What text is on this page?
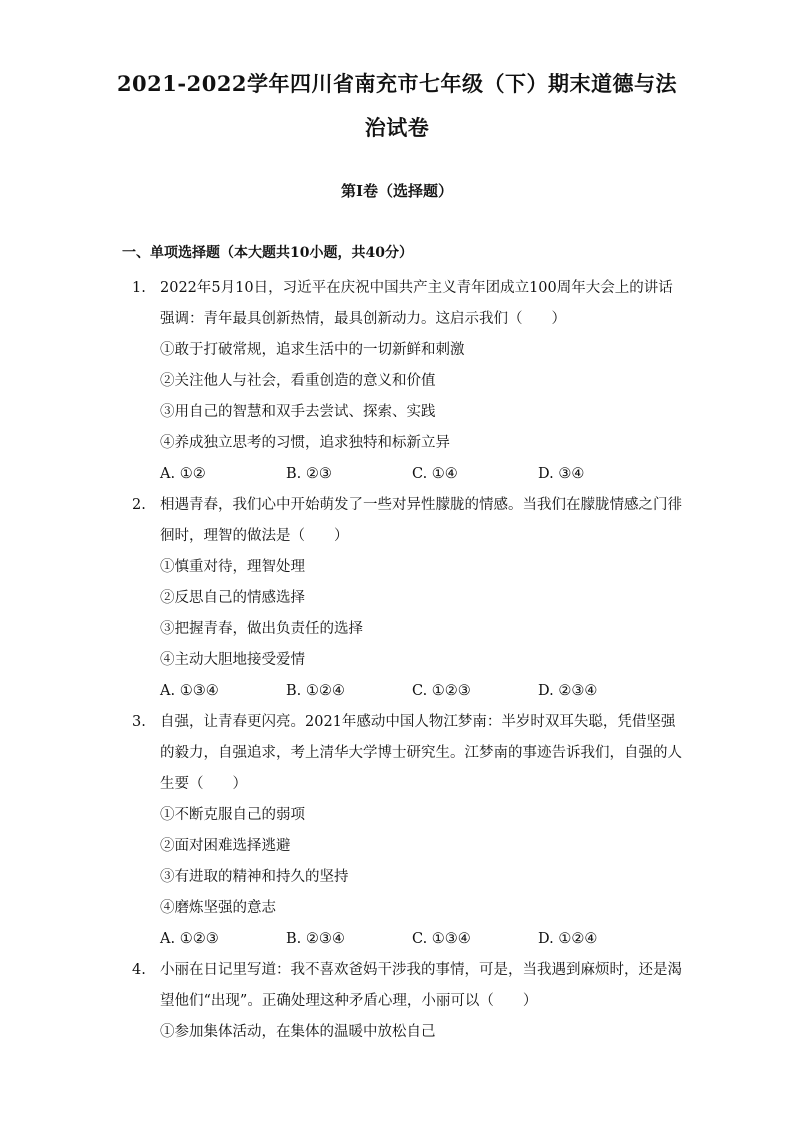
2021-2022学年四川省南充市七年级（下）期末道德与法
治试卷
第Ⅰ卷（选择题）
一、单项选择题（本大题共10小题，共40分）
1. 2022年5月10日，习近平在庆祝中国共产主义青年团成立100周年大会上的讲话
强调：青年最具创新热情，最具创新动力。这启示我们（　　）
①敢于打破常规，追求生活中的一切新鲜和刺激
②关注他人与社会，看重创造的意义和价值
③用自己的智慧和双手去尝试、探索、实践
④养成独立思考的习惯，追求独特和标新立异
A. ①②	B. ②③	C. ①④	D. ③④
2. 相遇青春，我们心中开始萌发了一些对异性朦胧的情感。当我们在朦胧情感之门徘
徊时，理智的做法是（　　）
①慎重对待，理智处理
②反思自己的情感选择
③把握青春，做出负责任的选择
④主动大胆地接受爱情
A. ①③④	B. ①②④	C. ①②③	D. ②③④
3. 自强，让青春更闪亮。2021年感动中国人物江梦南：半岁时双耳失聪，凭借坚强
的毅力，自强追求，考上清华大学博士研究生。江梦南的事迹告诉我们，自强的人
生要（　　）
①不断克服自己的弱项
②面对困难选择逃避
③有进取的精神和持久的坚持
④磨炼坚强的意志
A. ①②③	B. ②③④	C. ①③④	D. ①②④
4. 小丽在日记里写道：我不喜欢爸妈干涉我的事情，可是，当我遇到麻烦时，还是渴
望他们“出现”。正确处理这种矛盾心理，小丽可以（　　）
①参加集体活动，在集体的温暖中放松自己
